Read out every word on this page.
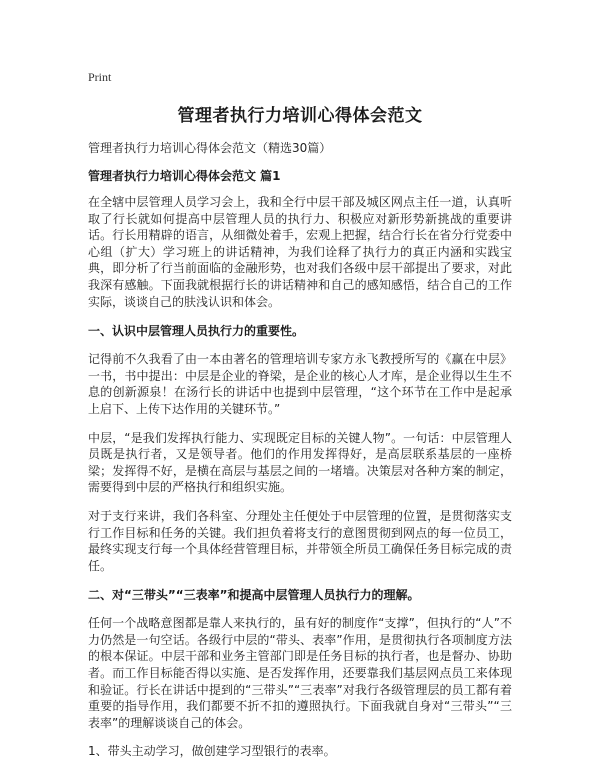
Print
管理者执行力培训心得体会范文
管理者执行力培训心得体会范文（精选30篇）
管理者执行力培训心得体会范文 篇1

在全辖中层管理人员学习会上，我和全行中层干部及城区网点主任一道，认真听取了行长就如何提高中层管理人员的执行力、积极应对新形势新挑战的重要讲话。行长用精辟的语言，从细微处着手，宏观上把握，结合行长在省分行党委中心组（扩大）学习班上的讲话精神，为我们诠释了执行力的真正内涵和实践宝典，即分析了行当前面临的金融形势，也对我们各级中层干部提出了要求，对此我深有感触。下面我就根据行长的讲话精神和自己的感知感悟，结合自己的工作实际，谈谈自己的肤浅认识和体会。

一、认识中层管理人员执行力的重要性。

记得前不久我看了由一本由著名的管理培训专家方永飞教授所写的《赢在中层》一书，书中提出：中层是企业的脊梁，是企业的核心人才库，是企业得以生生不息的创新源泉！在汤行长的讲话中也提到中层管理，“这个环节在工作中是起承上启下、上传下达作用的关键环节。”

中层，“是我们发挥执行能力、实现既定目标的关键人物”。一句话：中层管理人员既是执行者，又是领导者。他们的作用发挥得好，是高层联系基层的一座桥梁；发挥得不好，是横在高层与基层之间的一堵墙。决策层对各种方案的制定，需要得到中层的严格执行和组织实施。

对于支行来讲，我们各科室、分理处主任便处于中层管理的位置，是贯彻落实支行工作目标和任务的关键。我们担负着将支行的意图贯彻到网点的每一位员工，最终实现支行每一个具体经营管理目标，并带领全所员工确保任务目标完成的责任。

二、对“三带头”“三表率”和提高中层管理人员执行力的理解。

任何一个战略意图都是靠人来执行的，虽有好的制度作“支撑”，但执行的“人”不力仍然是一句空话。各级行中层的“带头、表率”作用，是贯彻执行各项制度方法的根本保证。中层干部和业务主管部门即是任务目标的执行者，也是督办、协助者。而工作目标能否得以实施、是否发挥作用，还要靠我们基层网点员工来体现和验证。行长在讲话中提到的“三带头”“三表率”对我行各级管理层的员工都有着重要的指导作用，我们都要不折不扣的遵照执行。下面我就自身对“三带头”“三表率”的理解谈谈自己的体会。

1、带头主动学习，做创建学习型银行的表率。
